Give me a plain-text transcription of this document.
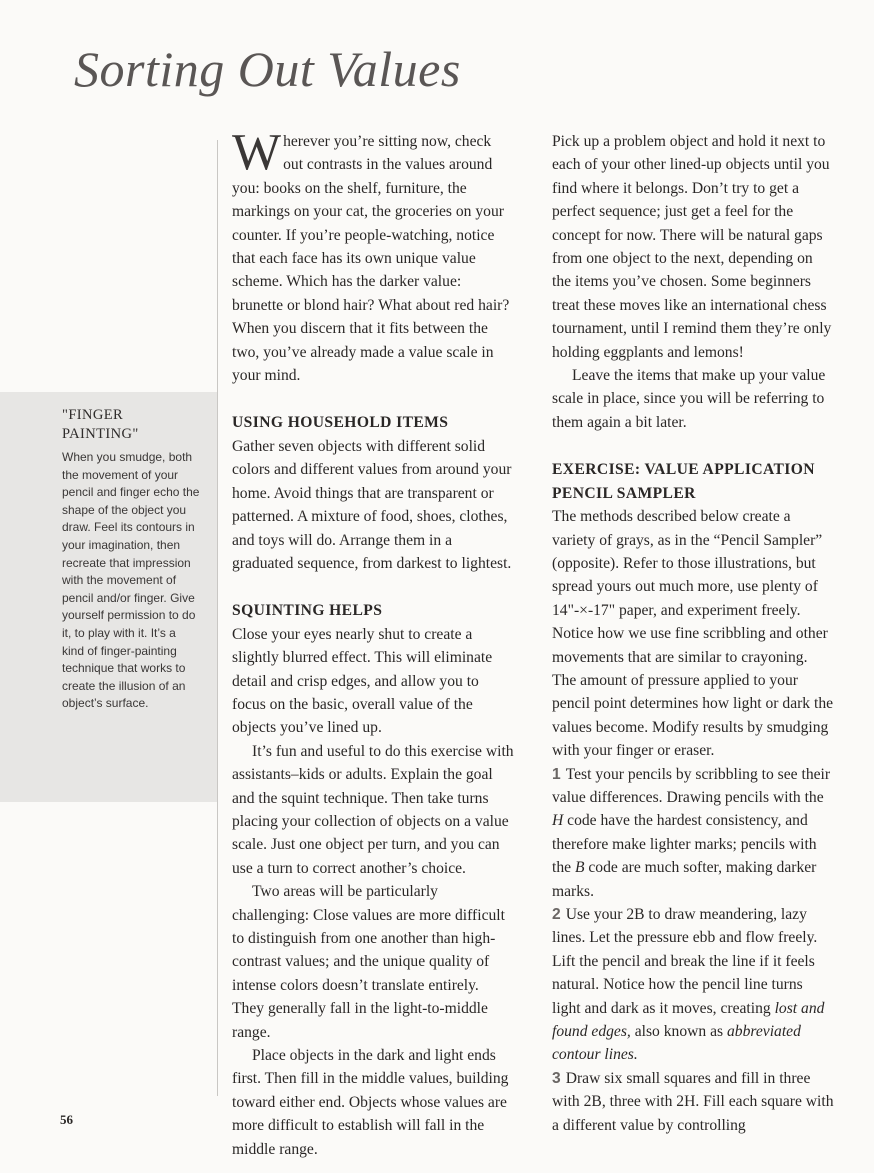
Sorting Out Values

"FINGER
PAINTING"

When you smudge, both the movement of your pencil and finger echo the shape of the object you draw. Feel its contours in your imagination, then recreate that impression with the movement of pencil and/or finger. Give yourself permission to do it, to play with it. It’s a kind of finger-painting technique that works to create the illusion of an object’s surface.

Wherever you’re sitting now, check out contrasts in the values around you: books on the shelf, furniture, the markings on your cat, the groceries on your counter. If you’re people-watching, notice that each face has its own unique value scheme. Which has the darker value: brunette or blond hair? What about red hair? When you discern that it fits between the two, you’ve already made a value scale in your mind.

USING HOUSEHOLD ITEMS

Gather seven objects with different solid colors and different values from around your home. Avoid things that are transparent or patterned. A mixture of food, shoes, clothes, and toys will do. Arrange them in a graduated sequence, from darkest to lightest.

SQUINTING HELPS

Close your eyes nearly shut to create a slightly blurred effect. This will eliminate detail and crisp edges, and allow you to focus on the basic, overall value of the objects you’ve lined up.

It’s fun and useful to do this exercise with assistants–kids or adults. Explain the goal and the squint technique. Then take turns placing your collection of objects on a value scale. Just one object per turn, and you can use a turn to correct another’s choice.

Two areas will be particularly challenging: Close values are more difficult to distinguish from one another than high-contrast values; and the unique quality of intense colors doesn’t translate entirely. They generally fall in the light-to-middle range.

Place objects in the dark and light ends first. Then fill in the middle values, building toward either end. Objects whose values are more difficult to establish will fall in the middle range.

Pick up a problem object and hold it next to each of your other lined-up objects until you find where it belongs. Don’t try to get a perfect sequence; just get a feel for the concept for now. There will be natural gaps from one object to the next, depending on the items you’ve chosen. Some beginners treat these moves like an international chess tournament, until I remind them they’re only holding eggplants and lemons!

Leave the items that make up your value scale in place, since you will be referring to them again a bit later.

EXERCISE: VALUE APPLICATION
PENCIL SAMPLER

The methods described below create a variety of grays, as in the “Pencil Sampler” (opposite). Refer to those illustrations, but spread yours out much more, use plenty of 14"-×-17" paper, and experiment freely. Notice how we use fine scribbling and other movements that are similar to crayoning. The amount of pressure applied to your pencil point determines how light or dark the values become. Modify results by smudging with your finger or eraser.

1 Test your pencils by scribbling to see their value differences. Drawing pencils with the H code have the hardest consistency, and therefore make lighter marks; pencils with the B code are much softer, making darker marks.

2 Use your 2B to draw meandering, lazy lines. Let the pressure ebb and flow freely. Lift the pencil and break the line if it feels natural. Notice how the pencil line turns light and dark as it moves, creating lost and found edges, also known as abbreviated contour lines.

3 Draw six small squares and fill in three with 2B, three with 2H. Fill each square with a different value by controlling

56
